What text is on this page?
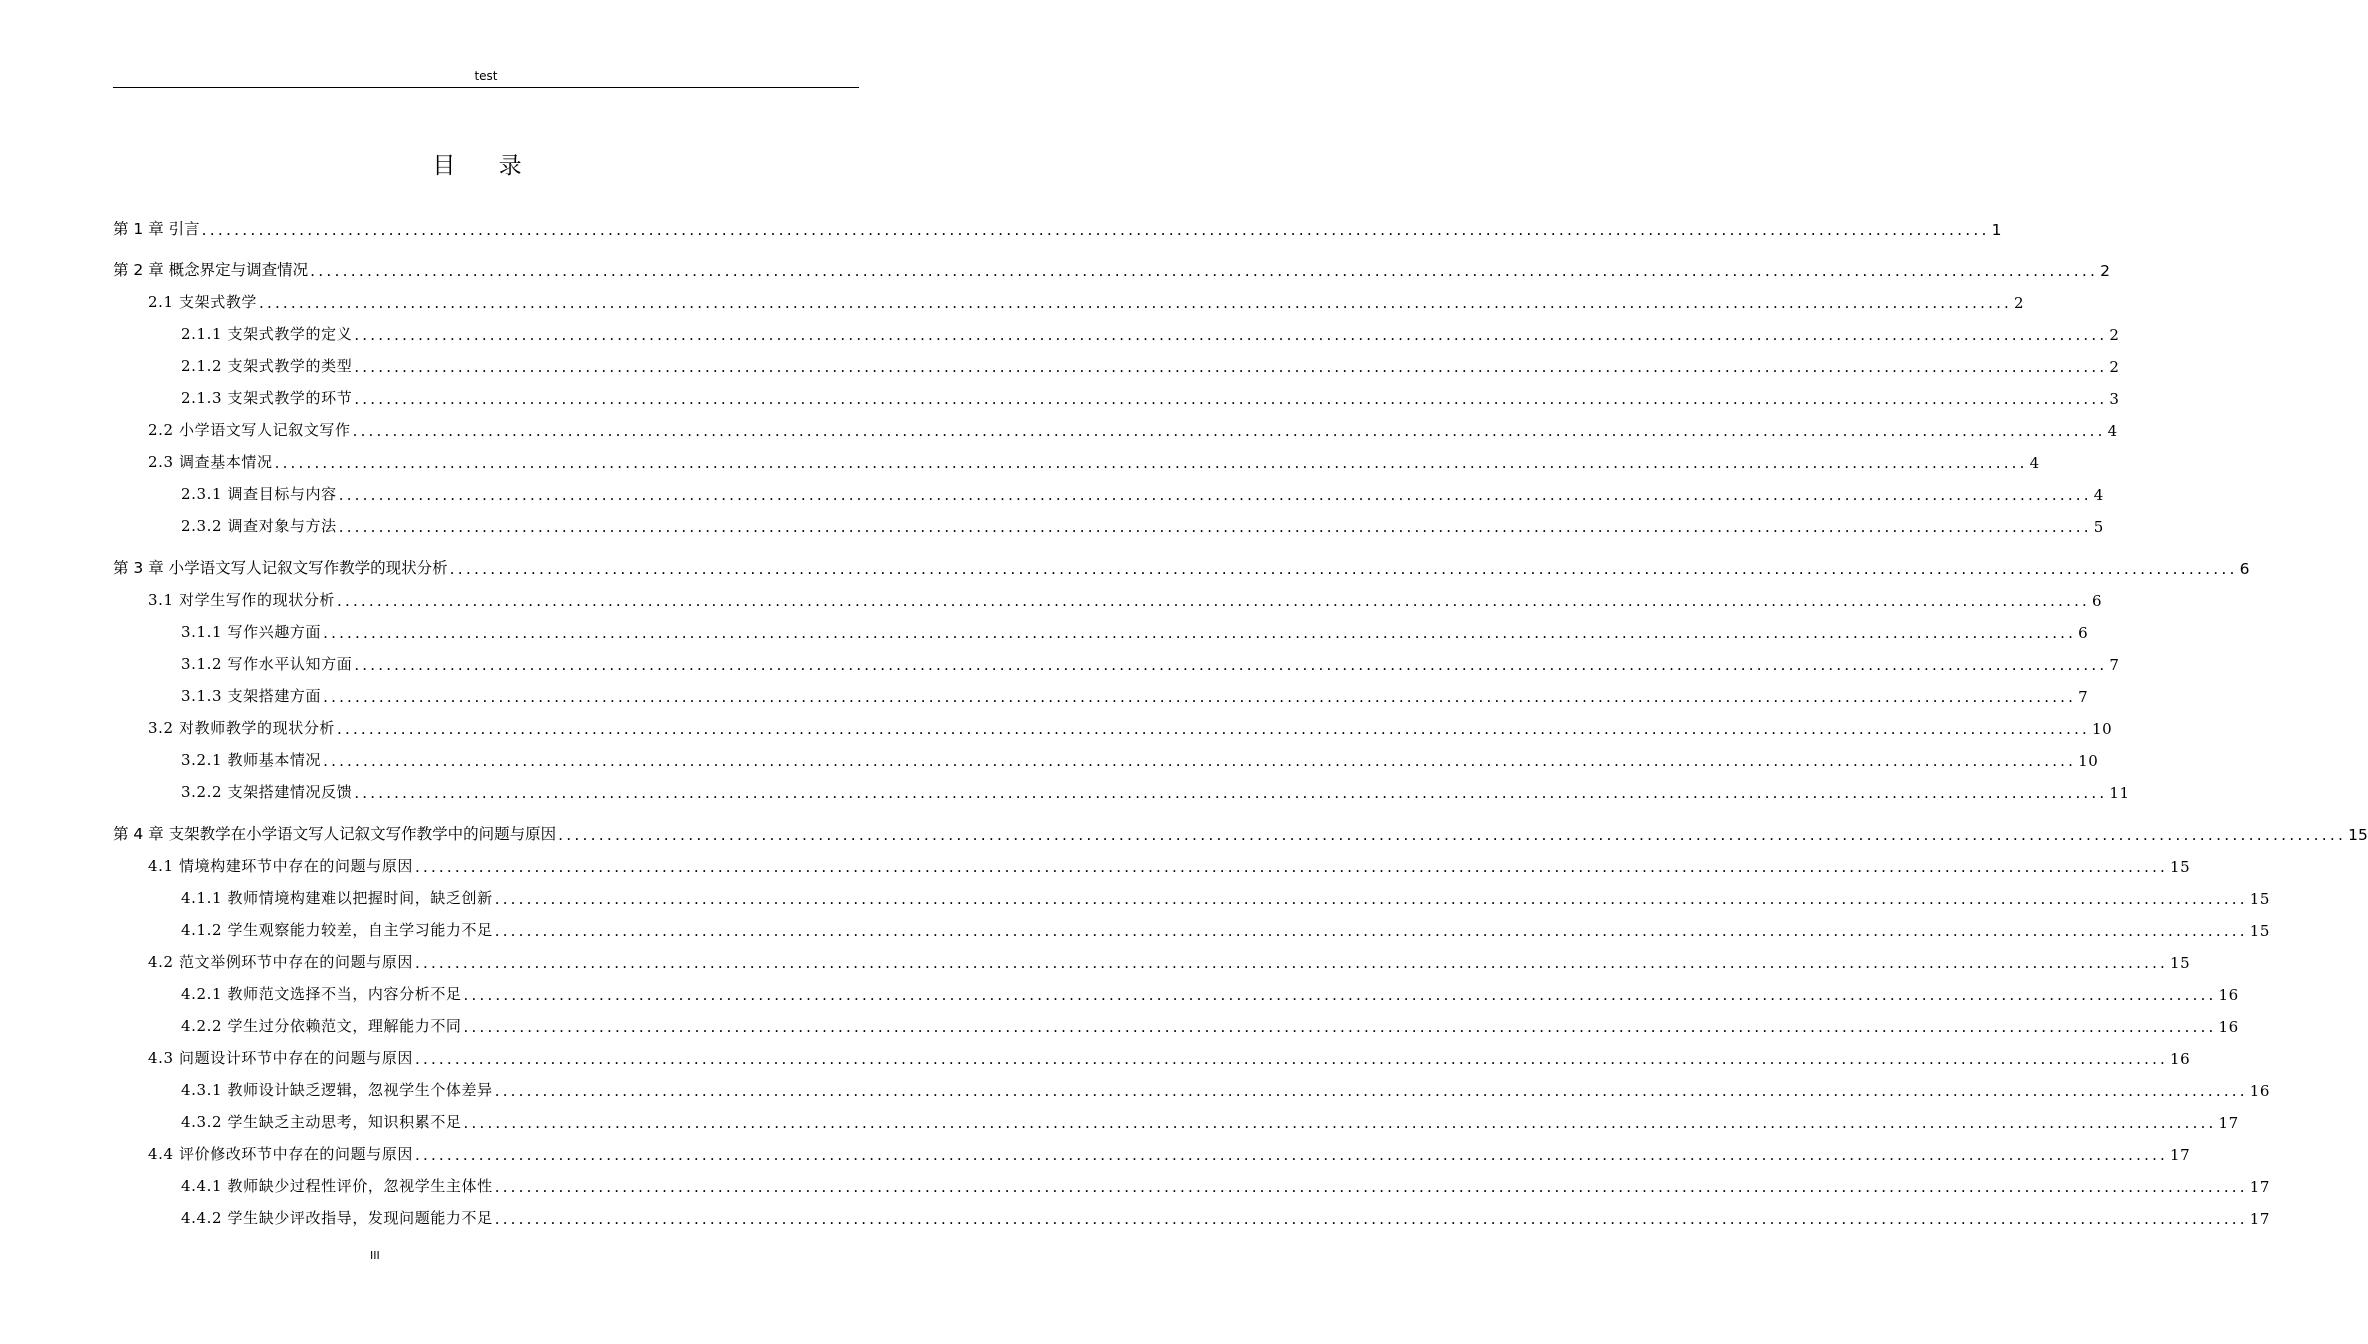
test
目 录
第 1 章 引言 ............................................................................................................................................................................................................................ 1
第 2 章 概念界定与调查情况 ............................................................................................................................................................................................................................ 2
2.1 支架式教学 ............................................................................................................................................................................................................................ 2
2.1.1 支架式教学的定义 ............................................................................................................................................................................................................................ 2
2.1.2 支架式教学的类型 ............................................................................................................................................................................................................................ 2
2.1.3 支架式教学的环节 ............................................................................................................................................................................................................................ 3
2.2 小学语文写人记叙文写作 ............................................................................................................................................................................................................................ 4
2.3 调查基本情况 ............................................................................................................................................................................................................................ 4
2.3.1 调查目标与内容 ............................................................................................................................................................................................................................ 4
2.3.2 调查对象与方法 ............................................................................................................................................................................................................................ 5
第 3 章 小学语文写人记叙文写作教学的现状分析 ............................................................................................................................................................................................................................ 6
3.1 对学生写作的现状分析 ............................................................................................................................................................................................................................ 6
3.1.1 写作兴趣方面 ............................................................................................................................................................................................................................ 6
3.1.2 写作水平认知方面 ............................................................................................................................................................................................................................ 7
3.1.3 支架搭建方面 ............................................................................................................................................................................................................................ 7
3.2 对教师教学的现状分析 ............................................................................................................................................................................................................................ 10
3.2.1 教师基本情况 ............................................................................................................................................................................................................................ 10
3.2.2 支架搭建情况反馈 ............................................................................................................................................................................................................................ 11
第 4 章 支架教学在小学语文写人记叙文写作教学中的问题与原因 ............................................................................................................................................................................................................................ 15
4.1 情境构建环节中存在的问题与原因 ............................................................................................................................................................................................................................ 15
4.1.1 教师情境构建难以把握时间，缺乏创新 ............................................................................................................................................................................................................................ 15
4.1.2 学生观察能力较差，自主学习能力不足 ............................................................................................................................................................................................................................ 15
4.2 范文举例环节中存在的问题与原因 ............................................................................................................................................................................................................................ 15
4.2.1 教师范文选择不当，内容分析不足 ............................................................................................................................................................................................................................ 16
4.2.2 学生过分依赖范文，理解能力不同 ............................................................................................................................................................................................................................ 16
4.3 问题设计环节中存在的问题与原因 ............................................................................................................................................................................................................................ 16
4.3.1 教师设计缺乏逻辑，忽视学生个体差异 ............................................................................................................................................................................................................................ 16
4.3.2 学生缺乏主动思考，知识积累不足 ............................................................................................................................................................................................................................ 17
4.4 评价修改环节中存在的问题与原因 ............................................................................................................................................................................................................................ 17
4.4.1 教师缺少过程性评价，忽视学生主体性 ............................................................................................................................................................................................................................ 17
4.4.2 学生缺少评改指导，发现问题能力不足 ............................................................................................................................................................................................................................ 17
III
